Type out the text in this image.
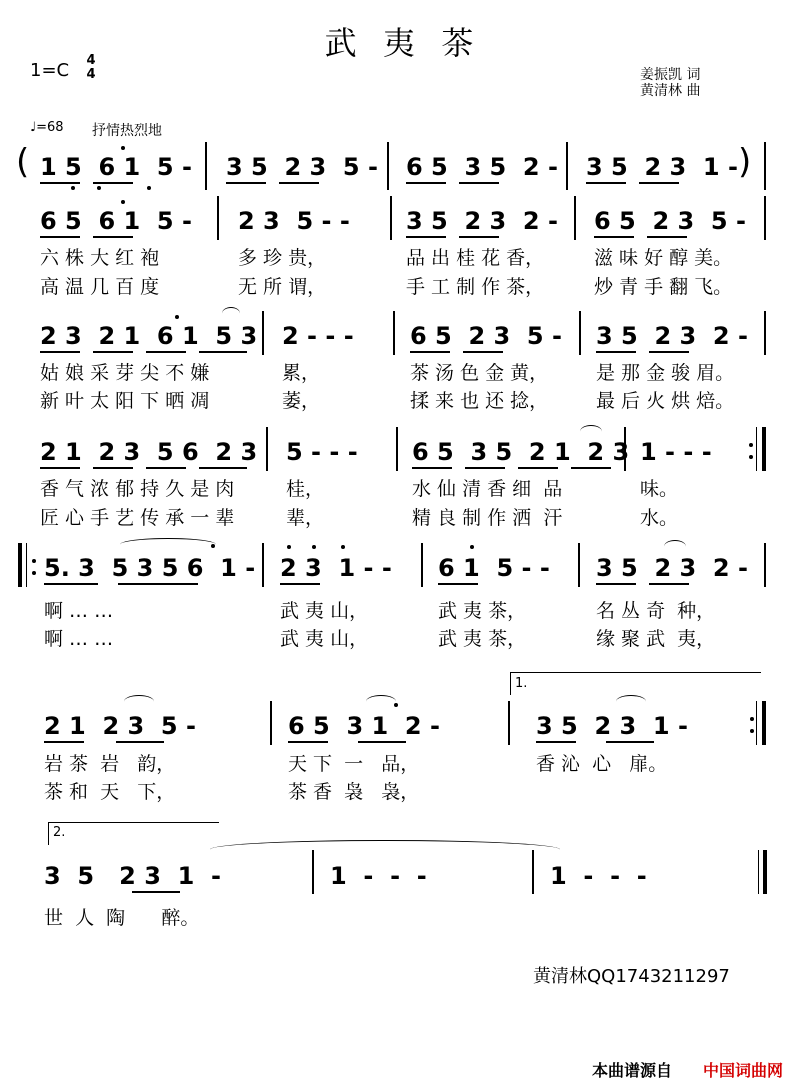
武  夷  茶
1=C 4
4	姜振凯 词
黄清林 曲
♩=68 抒情热烈地
( 1 5  6 1  5 - 3 5  2 3  5 - 6 5  3 5  2 - 3 5  2 3  1 - )
6 5  6 1  5 - 2 3  5 - - 3 5  2 3  2 - 6 5  2 3  5 -
六 株 大 红 袍	多 珍 贵，	品 出 桂 花 香，	滋 味 好 醇 美。
高 温 几 百 度	无 所 谓，	手 工 制 作 茶，	炒 青 手 翻 飞。
2 3  2 1  6 1  5 3 2 - - - 6 5  2 3  5 - 3 5  2 3  2 -
姑 娘 采 芽 尖 不 嫌	累，	茶 汤 色 金 黄，	是 那 金 骏 眉。
新 叶 太 阳 下 晒 凋	萎，	揉 来 也 还 捻，	最 后 火 烘 焙。
2 1  2 3  5 6  2 3 5 - - - 6 5  3 5  2 1  2 3 1 - - -
香 气 浓 郁 持 久 是 肉	桂，	水 仙 清 香 细  品	味。
匠 心 手 艺 传 承 一 辈	辈，	精 良 制 作 洒  汗	水。
5. 3  5 3 5 6  1 - 2 3  1 - - 6 1  5 - - 3 5  2 3  2 -
啊 … …	武 夷 山，	武 夷 茶，	名 丛 奇  种，
啊 … …	武 夷 山，	武 夷 茶，	缘 聚 武  夷，
1.
2 1  2 3  5 -	6 5  3 1  2 -	3 5  2 3  1 -
岩 茶  岩   韵，	天 下  一   品，	香 沁  心   扉。
茶 和  天   下，	茶 香  袅   袅，
2.
3  5   2 3  1  -	1  -  -  -	1  -  -  -
世  人  陶      醉。
黄清林QQ1743211297
本曲谱源自 中国词曲网
